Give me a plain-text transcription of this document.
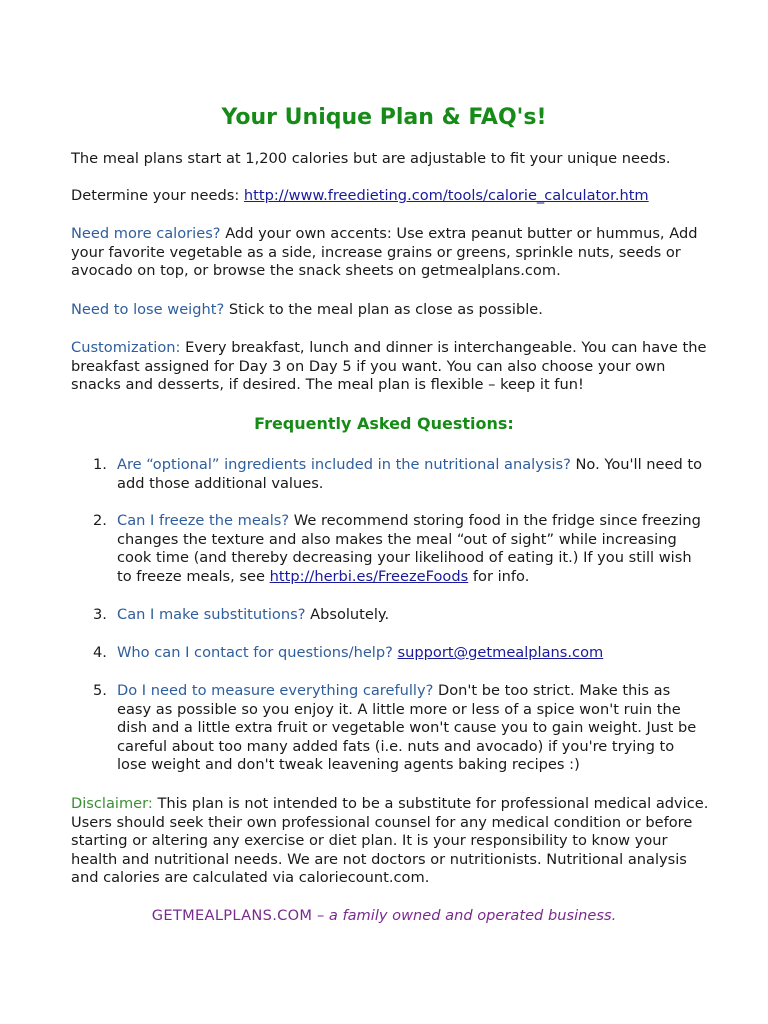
Your Unique Plan & FAQ's!

The meal plans start at 1,200 calories but are adjustable to fit your unique needs.

Determine your needs: http://www.freedieting.com/tools/calorie_calculator.htm

Need more calories? Add your own accents: Use extra peanut butter or hummus, Add your favorite vegetable as a side, increase grains or greens, sprinkle nuts, seeds or avocado on top, or browse the snack sheets on getmealplans.com.

Need to lose weight? Stick to the meal plan as close as possible.

Customization: Every breakfast, lunch and dinner is interchangeable. You can have the breakfast assigned for Day 3 on Day 5 if you want. You can also choose your own snacks and desserts, if desired. The meal plan is flexible – keep it fun!

Frequently Asked Questions:
1. Are “optional” ingredients included in the nutritional analysis? No. You'll need to add those additional values.
2. Can I freeze the meals? We recommend storing food in the fridge since freezing changes the texture and also makes the meal “out of sight” while increasing cook time (and thereby decreasing your likelihood of eating it.) If you still wish to freeze meals, see http://herbi.es/FreezeFoods for info.
3. Can I make substitutions? Absolutely.
4. Who can I contact for questions/help? support@getmealplans.com
5. Do I need to measure everything carefully? Don't be too strict. Make this as easy as possible so you enjoy it. A little more or less of a spice won't ruin the dish and a little extra fruit or vegetable won't cause you to gain weight. Just be careful about too many added fats (i.e. nuts and avocado) if you're trying to lose weight and don't tweak leavening agents baking recipes :)

Disclaimer: This plan is not intended to be a substitute for professional medical advice. Users should seek their own professional counsel for any medical condition or before starting or altering any exercise or diet plan. It is your responsibility to know your health and nutritional needs. We are not doctors or nutritionists. Nutritional analysis and calories are calculated via caloriecount.com.

GETMEALPLANS.COM – a family owned and operated business.
